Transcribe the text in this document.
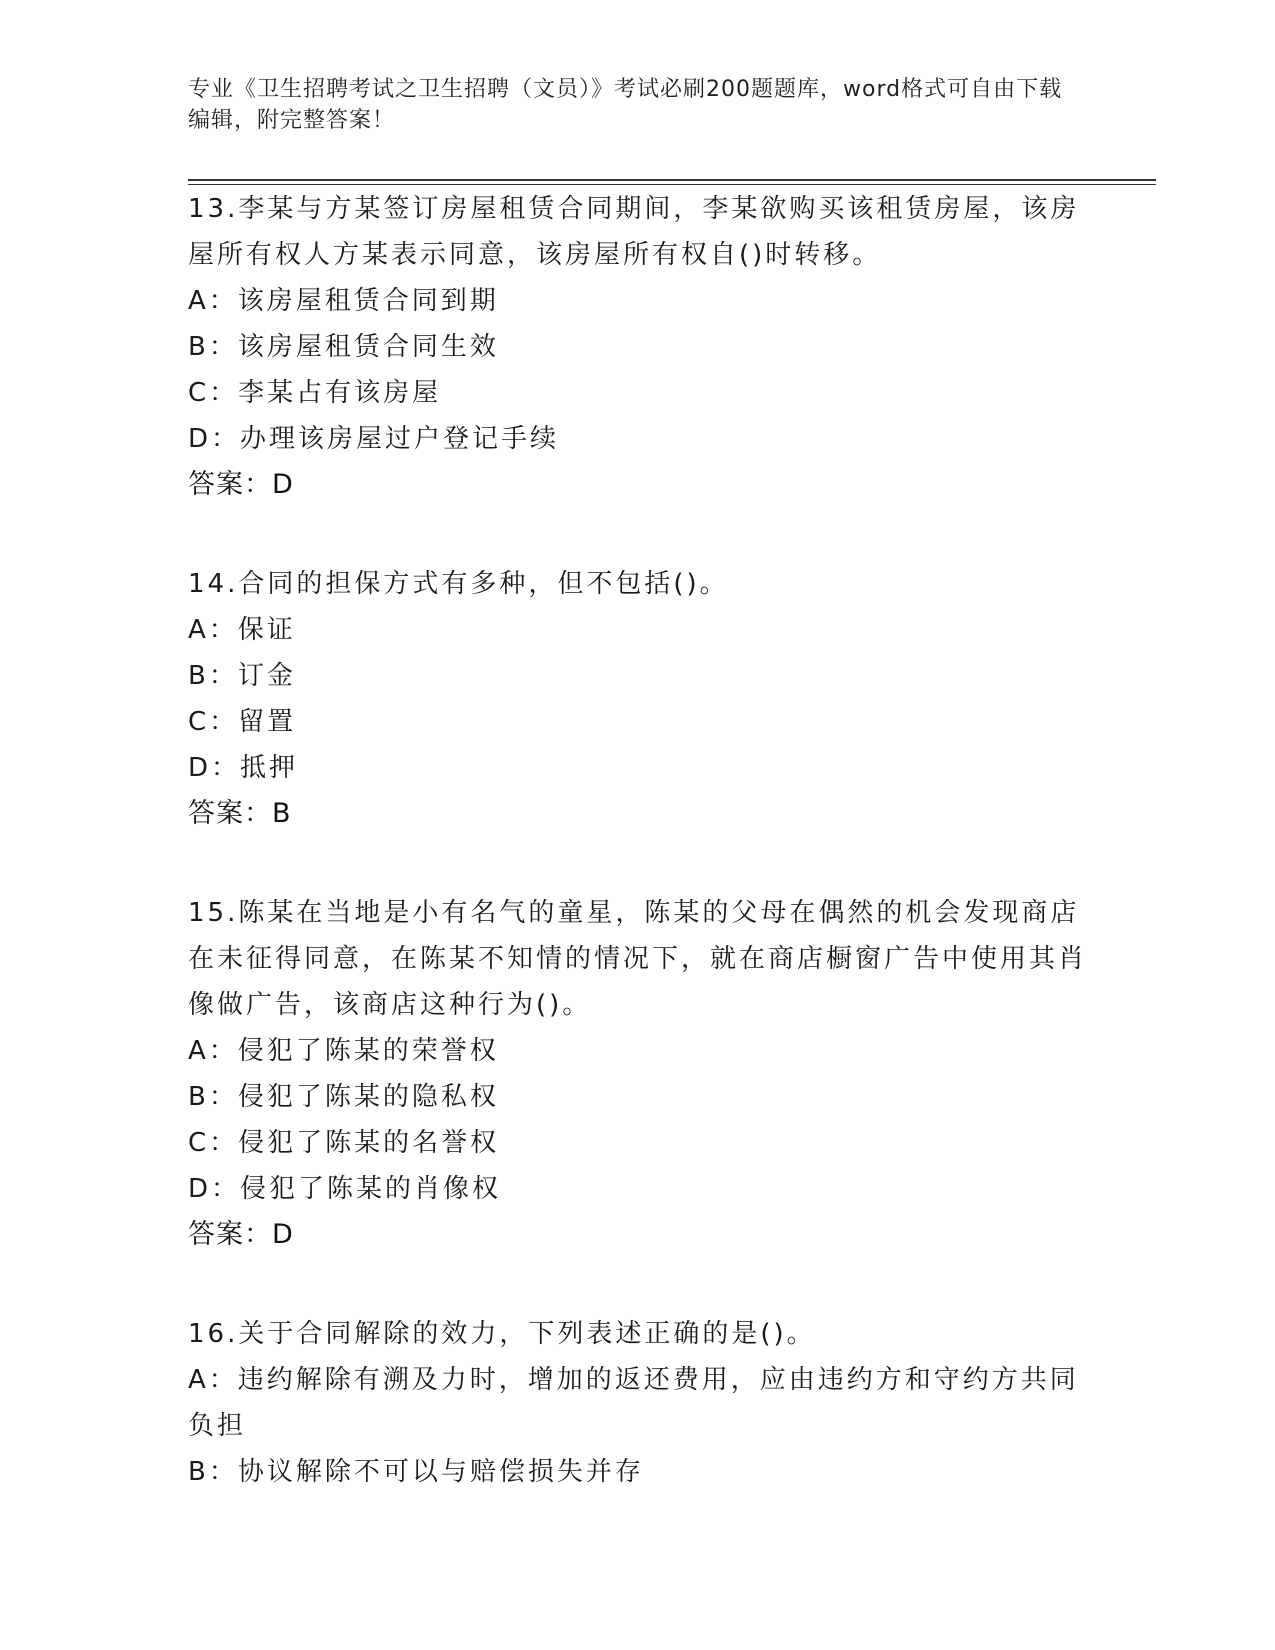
专业《卫生招聘考试之卫生招聘（文员）》考试必刷200题题库，word格式可自由下载编辑，附完整答案！

13.李某与方某签订房屋租赁合同期间，李某欲购买该租赁房屋，该房屋所有权人方某表示同意，该房屋所有权自()时转移。

A：该房屋租赁合同到期

B：该房屋租赁合同生效

C：李某占有该房屋

D：办理该房屋过户登记手续

答案：D

14.合同的担保方式有多种，但不包括()。

A：保证

B：订金

C：留置

D：抵押

答案：B

15.陈某在当地是小有名气的童星，陈某的父母在偶然的机会发现商店在未征得同意，在陈某不知情的情况下，就在商店橱窗广告中使用其肖像做广告，该商店这种行为()。

A：侵犯了陈某的荣誉权

B：侵犯了陈某的隐私权

C：侵犯了陈某的名誉权

D：侵犯了陈某的肖像权

答案：D

16.关于合同解除的效力，下列表述正确的是()。

A：违约解除有溯及力时，增加的返还费用，应由违约方和守约方共同负担

B：协议解除不可以与赔偿损失并存
